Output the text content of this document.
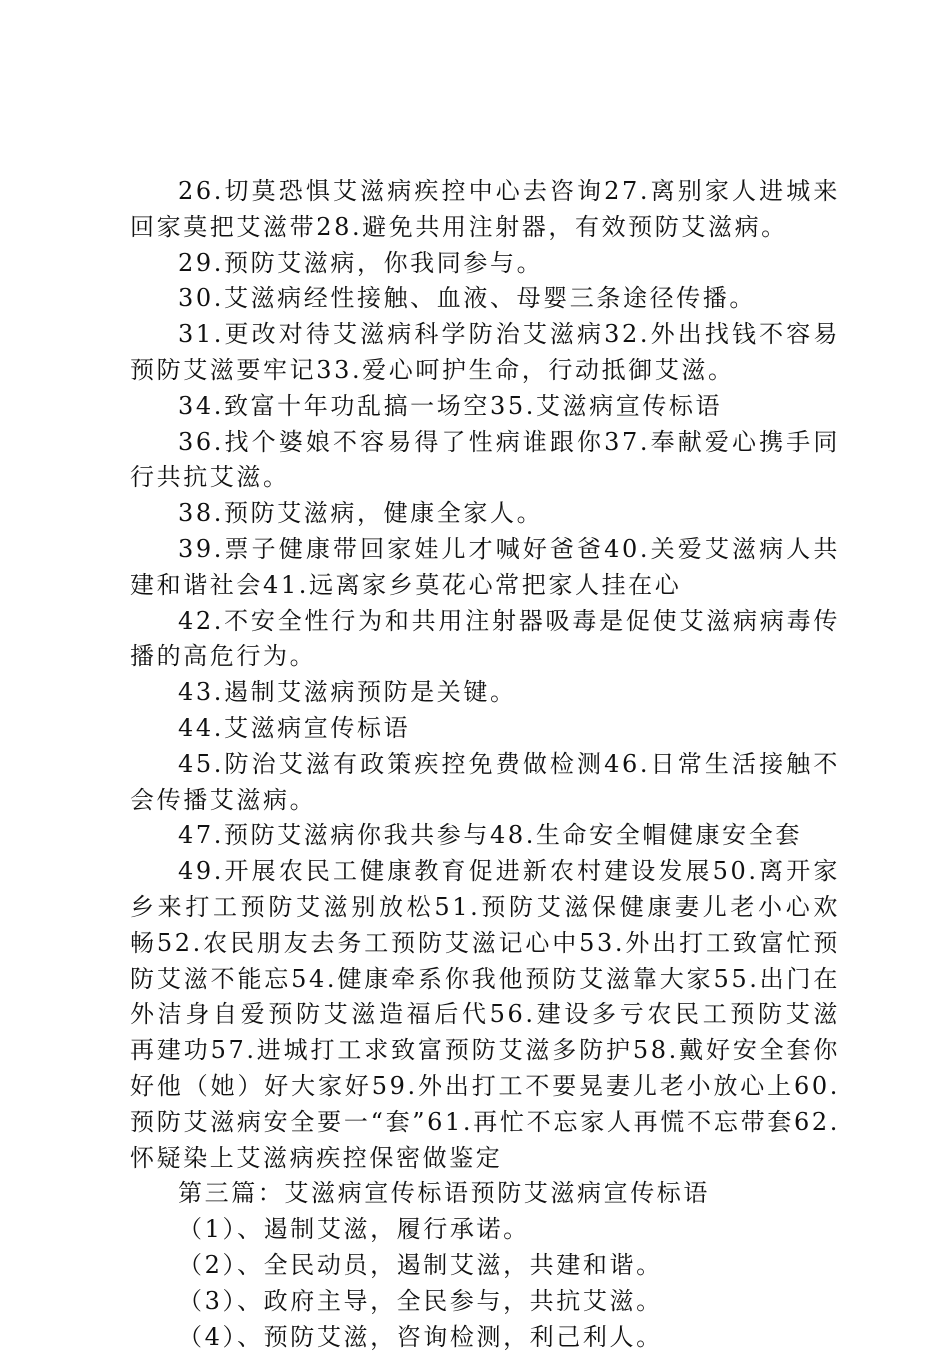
26.切莫恐惧艾滋病疾控中心去咨询27.离别家人进城来回家莫把艾滋带28.避免共用注射器，有效预防艾滋病。

29.预防艾滋病，你我同参与。

30.艾滋病经性接触、血液、母婴三条途径传播。

31.更改对待艾滋病科学防治艾滋病32.外出找钱不容易预防艾滋要牢记33.爱心呵护生命，行动抵御艾滋。

34.致富十年功乱搞一场空35.艾滋病宣传标语

36.找个婆娘不容易得了性病谁跟你37.奉献爱心携手同行共抗艾滋。

38.预防艾滋病，健康全家人。

39.票子健康带回家娃儿才喊好爸爸40.关爱艾滋病人共建和谐社会41.远离家乡莫花心常把家人挂在心

42.不安全性行为和共用注射器吸毒是促使艾滋病病毒传播的高危行为。

43.遏制艾滋病预防是关键。

44.艾滋病宣传标语

45.防治艾滋有政策疾控免费做检测46.日常生活接触不会传播艾滋病。

47.预防艾滋病你我共参与48.生命安全帽健康安全套

49.开展农民工健康教育促进新农村建设发展50.离开家乡来打工预防艾滋别放松51.预防艾滋保健康妻儿老小心欢畅52.农民朋友去务工预防艾滋记心中53.外出打工致富忙预防艾滋不能忘54.健康牵系你我他预防艾滋靠大家55.出门在外洁身自爱预防艾滋造福后代56.建设多亏农民工预防艾滋再建功57.进城打工求致富预防艾滋多防护58.戴好安全套你好他（她）好大家好59.外出打工不要晃妻儿老小放心上60.预防艾滋病安全要一“套”61.再忙不忘家人再慌不忘带套62.怀疑染上艾滋病疾控保密做鉴定

第三篇：艾滋病宣传标语预防艾滋病宣传标语

（1）、遏制艾滋，履行承诺。

（2）、全民动员，遏制艾滋，共建和谐。

（3）、政府主导，全民参与，共抗艾滋。

（4）、预防艾滋，咨询检测，利己利人。
